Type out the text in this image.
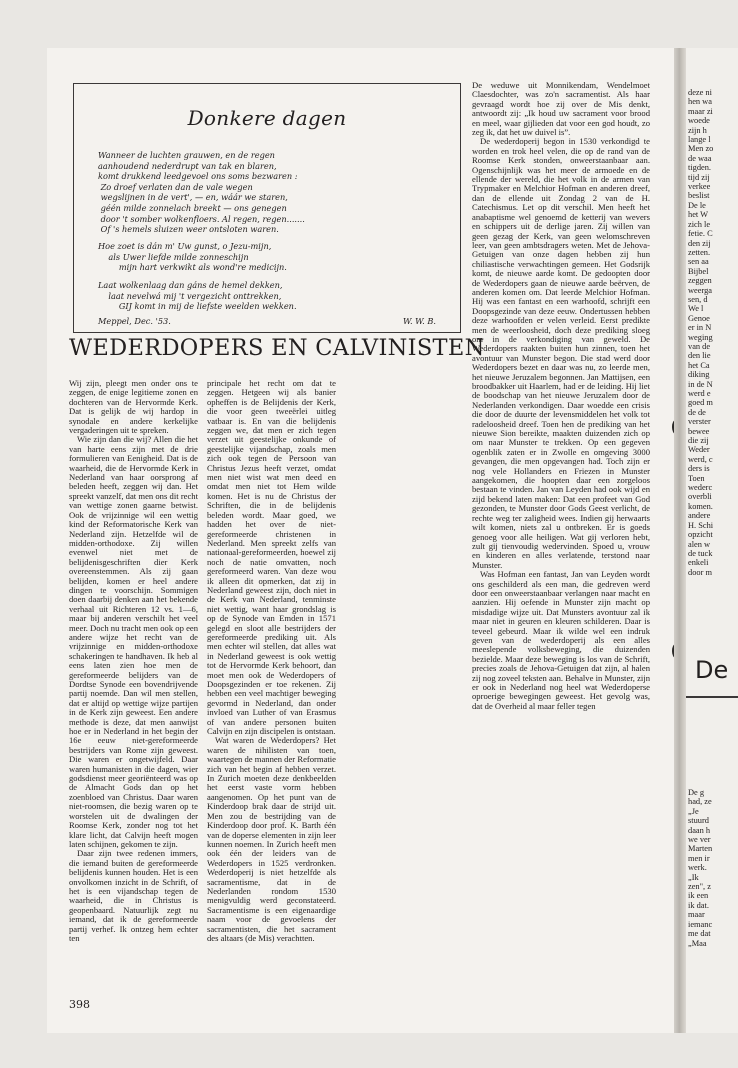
Donkere dagen
Wanneer de luchten grauwen, en de regen
aanhoudend nederdrupt van tak en blaren,
komt drukkend leedgevoel ons soms bezwaren :
Zo droef verlaten dan de vale wegen
wegslijnen in de vert', — en, wáár we staren,
géén milde zonnelach breekt — ons genegen
door 't somber wolkenfloers. Al regen, regen.......
Of 's hemels sluizen weer ontsloten waren.
Hoe zoet is dán m' Uw gunst, o Jezu-mijn,
als Uwer liefde milde zonneschijn
mijn hart verkwikt als wond're medicijn.
Laat wolkenlaag dan gáns de hemel dekken,
laat nevelwá mij 't vergezicht onttrekken,
GIJ komt in mij de liefste weelden wekken.
Meppel, Dec. '53.	W. W. B.
WEDERDOPERS EN CALVINISTEN

Wij zijn, pleegt men onder ons te zeggen, de enige legitieme zonen en dochteren van de Hervormde Kerk. Dat is gelijk de wij hardop in synodale en andere kerkelijke vergaderingen uit te spreken.

Wie zijn dan die wij? Allen die het van harte eens zijn met de drie formulieren van Eenigheid. Dat is de waarheid, die de Hervormde Kerk in Nederland van haar oorsprong af beleden heeft, zeggen wij dan. Het spreekt vanzelf, dat men ons dit recht van wettige zonen gaarne betwist. Ook de vrijzinnige wil een wettig kind der Reformatorische Kerk van Nederland zijn. Hetzelfde wil de midden-orthodoxe. Zij willen evenwel niet met de belijdenisgeschriften dier Kerk overeenstemmen. Als zij gaan belijden, komen er heel andere dingen te voorschijn. Sommigen doen daarbij denken aan het bekende verhaal uit Richteren 12 vs. 1—6, maar bij anderen verschilt het veel meer. Doch nu tracht men ook op een andere wijze het recht van de vrijzinnige en midden-orthodoxe schakeringen te handhaven. Ik heb al eens laten zien hoe men de gereformeerde belijders van de Dordtse Synode een bovendrijvende partij noemde. Dan wil men stellen, dat er altijd op wettige wijze partijen in de Kerk zijn geweest. Een andere methode is deze, dat men aanwijst hoe er in Nederland in het begin der 16e eeuw niet-gereformeerde bestrijders van Rome zijn geweest. Die waren er ongetwijfeld. Daar waren humanisten in die dagen, wier godsdienst meer georiënteerd was op de Almacht Gods dan op het zoenbloed van Christus. Daar waren niet-roomsen, die bezig waren op te worstelen uit de dwalingen der Roomse Kerk, zonder nog tot het klare licht, dat Calvijn heeft mogen laten schijnen, gekomen te zijn.

Daar zijn twee redenen immers, die iemand buiten de gereformeerde belijdenis kunnen houden. Het is een onvolkomen inzicht in de Schrift, of het is een vijandschap tegen de waarheid, die in Christus is geopenbaard. Natuurlijk zegt nu iemand, dat ik de gereformeerde partij verhef. Ik ontzeg hem echter ten

principale het recht om dat te zeggen. Hetgeen wij als banier opheffen is de Belijdenis der Kerk, die voor geen tweeërlei uitleg vatbaar is. En van die belijdenis zeggen we, dat men er zich tegen verzet uit geestelijke onkunde of geestelijke vijandschap, zoals men zich ook tegen de Persoon van Christus Jezus heeft verzet, omdat men niet wist wat men deed en omdat men niet tot Hem wilde komen. Het is nu de Christus der Schriften, die in de belijdenis beleden wordt. Maar goed, we hadden het over de niet-gereformeerde christenen in Nederland. Men spreekt zelfs van nationaal-gereformeerden, hoewel zij noch de natie omvatten, noch gereformeerd waren. Van deze wou ik alleen dit opmerken, dat zij in Nederland geweest zijn, doch niet in de Kerk van Nederland, tenminste niet wettig, want haar grondslag is op de Synode van Emden in 1571 gelegd en sloot alle bestrijders der gereformeerde prediking uit. Als men echter wil stellen, dat alles wat in Nederland geweest is ook wettig tot de Hervormde Kerk behoort, dan moet men ook de Wederdopers of Doopsgezinden er toe rekenen. Zij hebben een veel machtiger beweging gevormd in Nederland, dan onder invloed van Luther of van Erasmus of van andere personen buiten Calvijn en zijn discipelen is ontstaan.

Wat waren de Wederdopers? Het waren de nihilisten van toen, waartegen de mannen der Reformatie zich van het begin af hebben verzet. In Zurich moeten deze denkbeelden het eerst vaste vorm hebben aangenomen. Op het punt van de Kinderdoop brak daar de strijd uit. Men zou de bestrijding van de Kinderdoop door prof. K. Barth één van de doperse elementen in zijn leer kunnen noemen. In Zurich heeft men ook één der leiders van de Wederdopers in 1525 verdronken. Wederdoperij is niet hetzelfde als sacramentisme, dat in de Nederlanden rondom 1530 menigvuldig werd geconstateerd. Sacramentisme is een eigenaardige naam voor de gevoelens der sacramentisten, die het sacrament des altaars (de Mis) verachtten.

De weduwe uit Monnikendam, Wendelmoet Claesdochter, was zo'n sacramentist. Als haar gevraagd wordt hoe zij over de Mis denkt, antwoordt zij: „Ik houd uw sacrament voor brood en meel, waar gijlieden dat voor een god houdt, zo zeg ik, dat het uw duivel is”.

De wederdoperij begon in 1530 verkondigd te worden en trok heel velen, die op de rand van de Roomse Kerk stonden, onweerstaanbaar aan. Ogenschijnlijk was het meer de armoede en de ellende der wereld, die het volk in de armen van Trypmaker en Melchior Hofman en anderen dreef, dan de ellende uit Zondag 2 van de H. Catechismus. Let op dit verschil. Men heeft het anabaptisme wel genoemd de ketterij van wevers en schippers uit de derlige jaren. Zij willen van geen gezag der Kerk, van geen welomschreven leer, van geen ambtsdragers weten. Met de Jehova-Getuigen van onze dagen hebben zij hun chiliastische verwachtingen gemeen. Het Godsrijk komt, de nieuwe aarde komt. De gedoopten door de Wederdopers gaan de nieuwe aarde beërven, de anderen komen om. Dat leerde Melchior Hofman. Hij was een fantast en een warhoofd, schrijft een Doopsgezinde van deze eeuw. Ondertussen hebben deze warhoofden er velen verleid. Eerst predikte men de weerloosheid, doch deze prediking sloeg om in de verkondiging van geweld. De Wederdopers raakten buiten hun zinnen, toen het avontuur van Munster begon. Die stad werd door Wederdopers bezet en daar was nu, zo leerde men, het nieuwe Jeruzalem begonnen. Jan Mattijsen, een broodbakker uit Haarlem, had er de leiding. Hij liet de boodschap van het nieuwe Jeruzalem door de Nederlanden verkondigen. Daar woedde een crisis die door de duurte der levensmiddelen het volk tot radeloosheid dreef. Toen hen de prediking van het nieuwe Sion bereikte, maakten duizenden zich op om naar Munster te trekken. Op een gegeven ogenblik zaten er in Zwolle en omgeving 3000 gevangen, die men opgevangen had. Toch zijn er nog vele Hollanders en Friezen in Munster aangekomen, die hoopten daar een zorgeloos bestaan te vinden. Jan van Leyden had ook wijd en zijd bekend laten maken: Dat een profeet van God gezonden, te Munster door Gods Geest verlicht, de rechte weg ter zaligheid wees. Indien gij herwaarts wilt komen, niets zal u ontbreken. Er is goeds genoeg voor alle heiligen. Wat gij verloren hebt, zult gij tienvoudig wedervinden. Spoed u, vrouw en kinderen en alles verlatende, terstond naar Munster.

Was Hofman een fantast, Jan van Leyden wordt ons geschilderd als een man, die gedreven werd door een onweerstaanbaar verlangen naar macht en aanzien. Hij oefende in Munster zijn macht op misdadige wijze uit. Dat Munsters avontuur zal ik maar niet in geuren en kleuren schilderen. Daar is teveel gebeurd. Maar ik wilde wel een indruk geven van de wederdoperij als een alles meeslepende volksbeweging, die duizenden bezielde. Maar deze beweging is los van de Schrift, precies zoals de Jehova-Getuigen dat zijn, al halen zij nog zoveel teksten aan. Behalve in Munster, zijn er ook in Nederland nog heel wat Wederdoperse oproerige bewegingen geweest. Het gevolg was, dat de Overheid al maar feller tegen

398
deze ni
hen wa
maar zi
woede
zijn h
lange l
Men zo
de waa
tigden.
tijd zij
verkee
beslist
De le
het W
zich le
fetie. C
den zij
zetten.
sen aa
Bijbel
zeggen
weerga
sen, d
We l
Genoe
er in N
weging
van de
den lie
het Ca
diking
in de N
werd e
goed m
de de
verster
bewee
die zij
Weder
werd, c
ders is
Toen
wederc
overbli
komen.
andere
H. Schi
opzicht
alen w
de tuck
enkeli
door m
De
De g
had, ze
„Je
stuurd
daan h
we ver
Marten
men ir
werk.
„Ik
zen", z
ik een
ik dat.
maar
iemanc
me dat
„Maa
